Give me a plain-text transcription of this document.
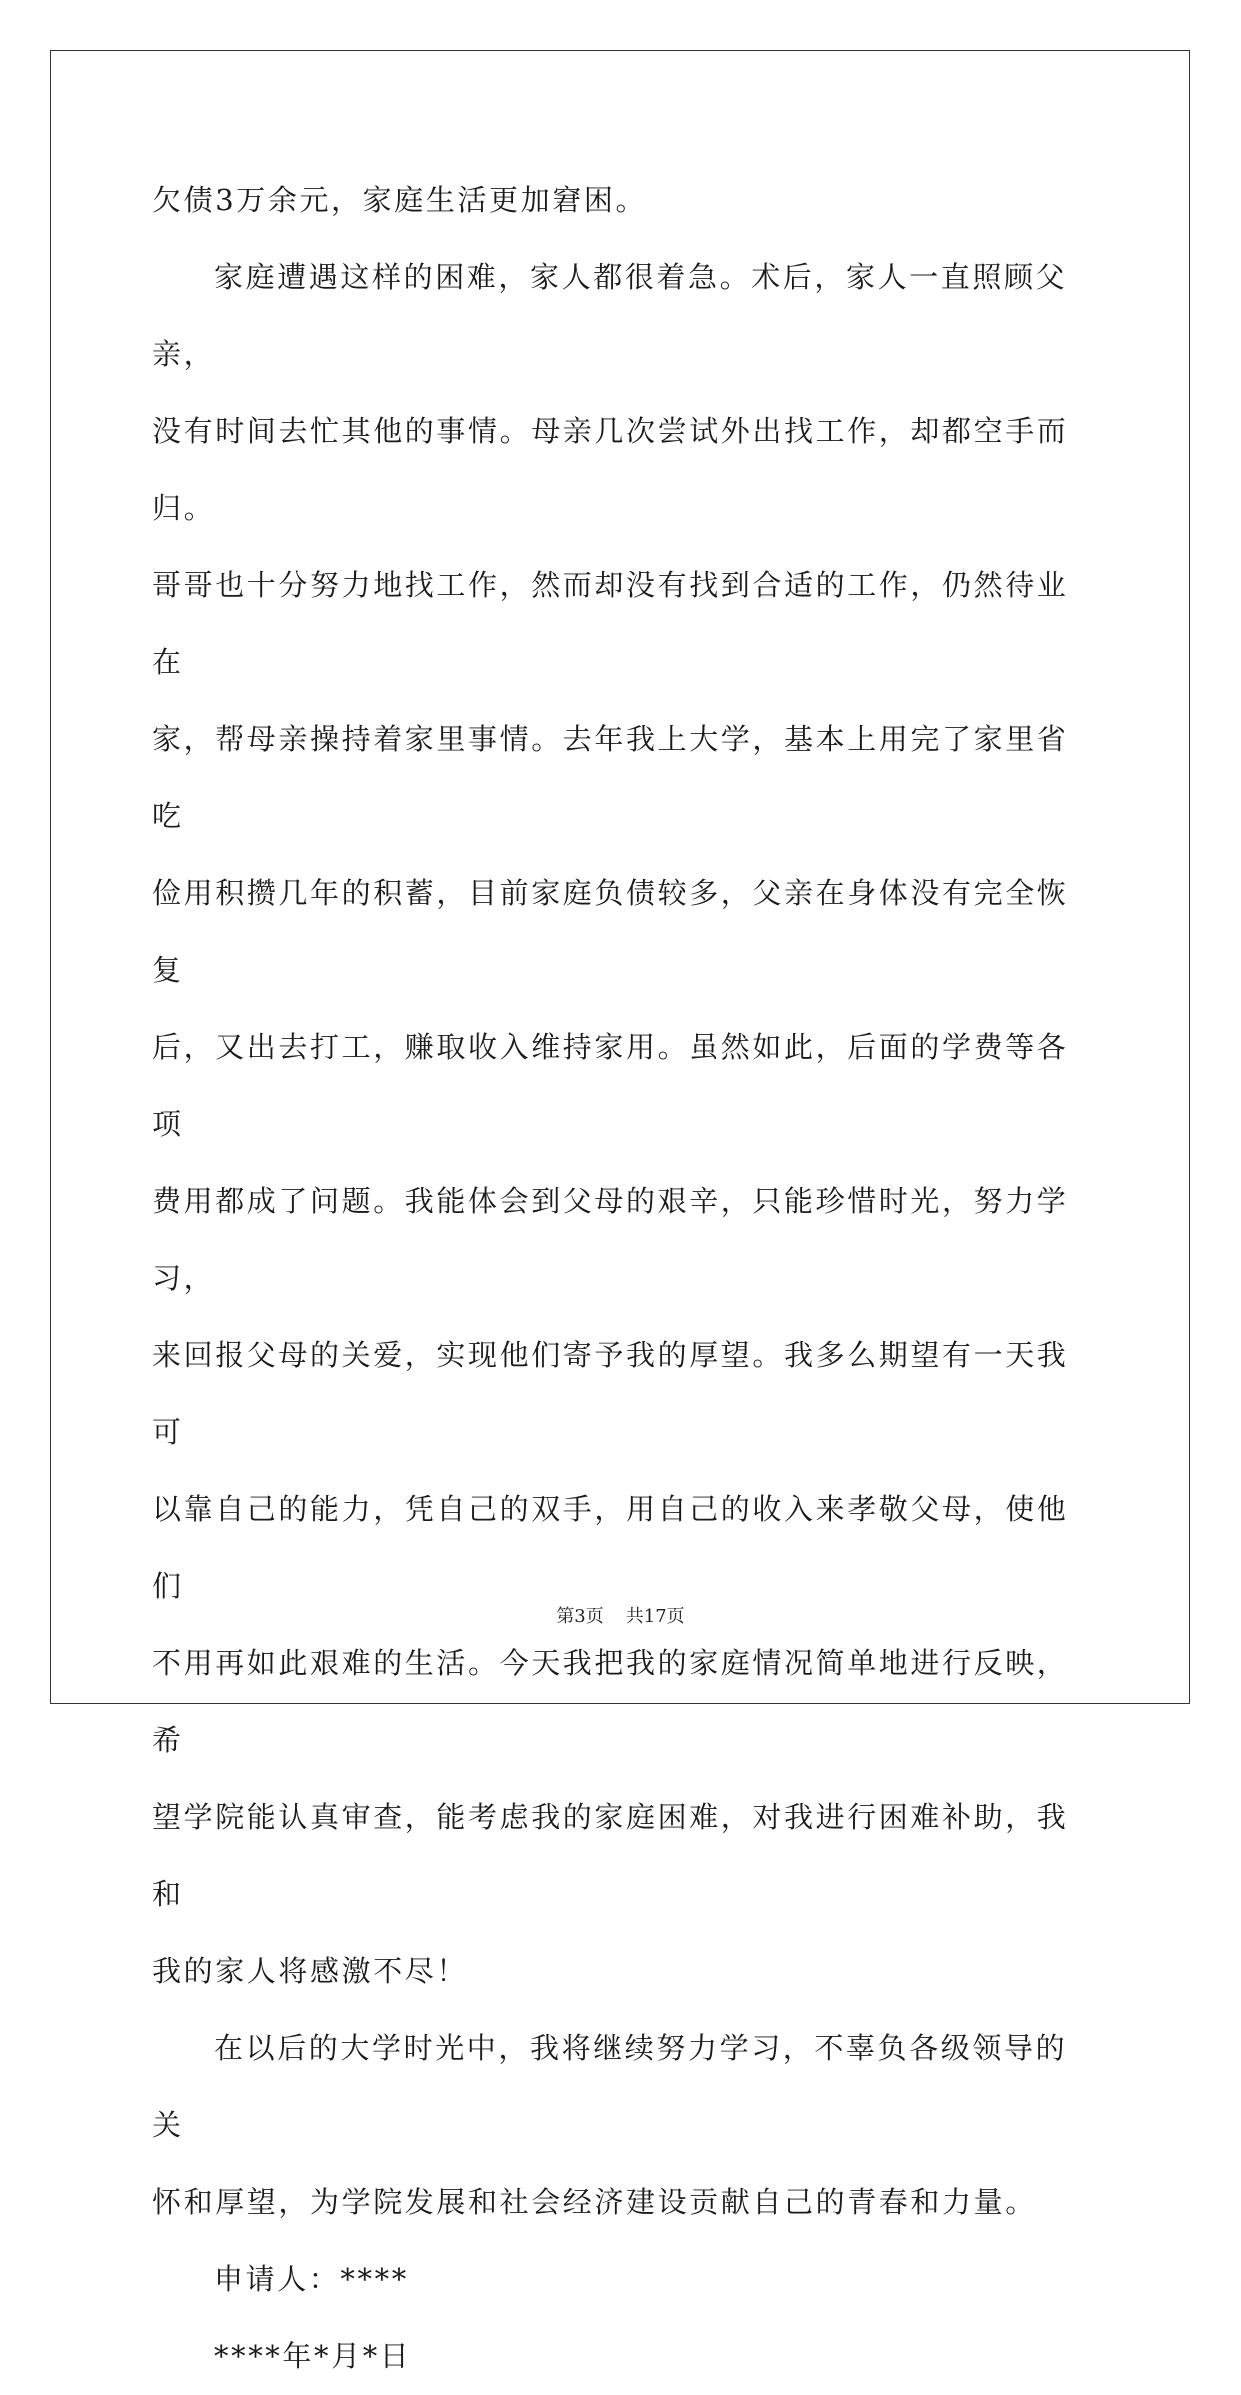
欠债3万余元，家庭生活更加窘困。

家庭遭遇这样的困难，家人都很着急。术后，家人一直照顾父亲，

没有时间去忙其他的事情。母亲几次尝试外出找工作，却都空手而归。

哥哥也十分努力地找工作，然而却没有找到合适的工作，仍然待业在

家，帮母亲操持着家里事情。去年我上大学，基本上用完了家里省吃

俭用积攒几年的积蓄，目前家庭负债较多，父亲在身体没有完全恢复

后，又出去打工，赚取收入维持家用。虽然如此，后面的学费等各项

费用都成了问题。我能体会到父母的艰辛，只能珍惜时光，努力学习，

来回报父母的关爱，实现他们寄予我的厚望。我多么期望有一天我可

以靠自己的能力，凭自己的双手，用自己的收入来孝敬父母，使他们

不用再如此艰难的生活。今天我把我的家庭情况简单地进行反映，希

望学院能认真审查，能考虑我的家庭困难，对我进行困难补助，我和

我的家人将感激不尽！

在以后的大学时光中，我将继续努力学习，不辜负各级领导的关

怀和厚望，为学院发展和社会经济建设贡献自己的青春和力量。

申请人：****

****年*月*日

第3页 共17页
